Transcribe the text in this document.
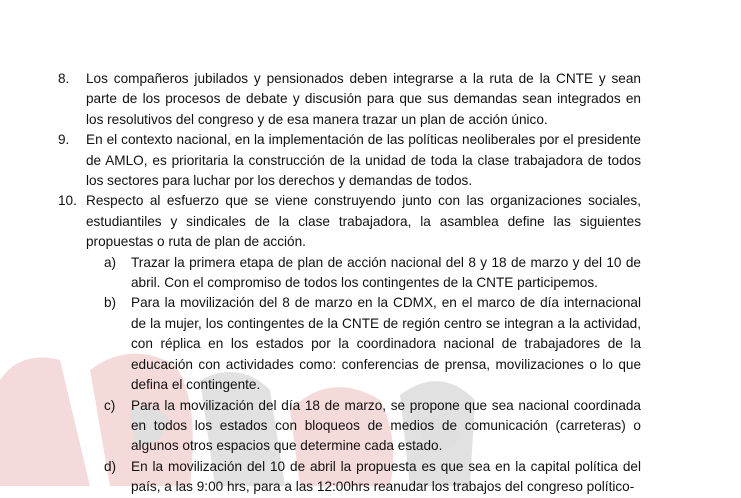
8.	Los compañeros jubilados y pensionados deben integrarse a la ruta de la CNTE y sean parte de los procesos de debate y discusión para que sus demandas sean integrados en los resolutivos del congreso y de esa manera trazar un plan de acción único.
9.	En el contexto nacional, en la implementación de las políticas neoliberales por el presidente de AMLO, es prioritaria la construcción de la unidad de toda la clase trabajadora de todos los sectores para luchar por los derechos y demandas de todos.
10. Respecto al esfuerzo que se viene construyendo junto con las organizaciones sociales, estudiantiles y sindicales de la clase trabajadora, la asamblea define las siguientes propuestas o ruta de plan de acción.
a)	Trazar la primera etapa de plan de acción nacional del 8 y 18 de marzo y del 10 de abril. Con el compromiso de todos los contingentes de la CNTE participemos.
b)	Para la movilización del 8 de marzo en la CDMX, en el marco de día internacional de la mujer, los contingentes de la CNTE de región centro se integran a la actividad, con réplica en los estados por la coordinadora nacional de trabajadores de la educación con actividades como: conferencias de prensa, movilizaciones o lo que defina el contingente.
c)	Para la movilización del día 18 de marzo, se propone que sea nacional coordinada en todos los estados con bloqueos de medios de comunicación (carreteras) o algunos otros espacios que determine cada estado.
d)	En la movilización del 10 de abril la propuesta es que sea en la capital política del país, a las 9:00 hrs, para a las 12:00hrs reanudar los trabajos del congreso político-
